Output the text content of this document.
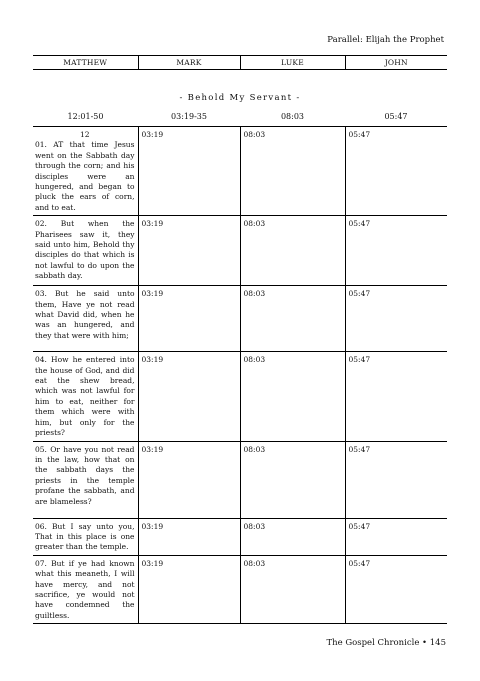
Parallel: Elijah the Prophet
MATTHEW	MARK	LUKE	JOHN
- Behold My Servant -
12:01-50	03:19-35	08:03	05:47
12
01. AT that time Jesus went on the Sabbath day through the corn; and his disciples were an hungered, and began to pluck the ears of corn, and to eat.	03:19	08:03	05:47

02. But when the Pharisees saw it, they said unto him, Behold thy disciples do that which is not lawful to do upon the sabbath day.	03:19	08:03	05:47

03. But he said unto them, Have ye not read what David did, when he was an hungered, and they that were with him;	03:19	08:03	05:47

04. How he entered into the house of God, and did eat the shew bread, which was not lawful for him to eat, neither for them which were with him, but only for the priests?	03:19	08:03	05:47

05. Or have you not read in the law, how that on the sabbath days the priests in the temple profane the sabbath, and are blameless?	03:19	08:03	05:47

06. But I say unto you, That in this place is one greater than the temple.	03:19	08:03	05:47

07. But if ye had known what this meaneth, I will have mercy, and not sacrifice, ye would not have condemned the guiltless.	03:19	08:03	05:47
The Gospel Chronicle • 145
